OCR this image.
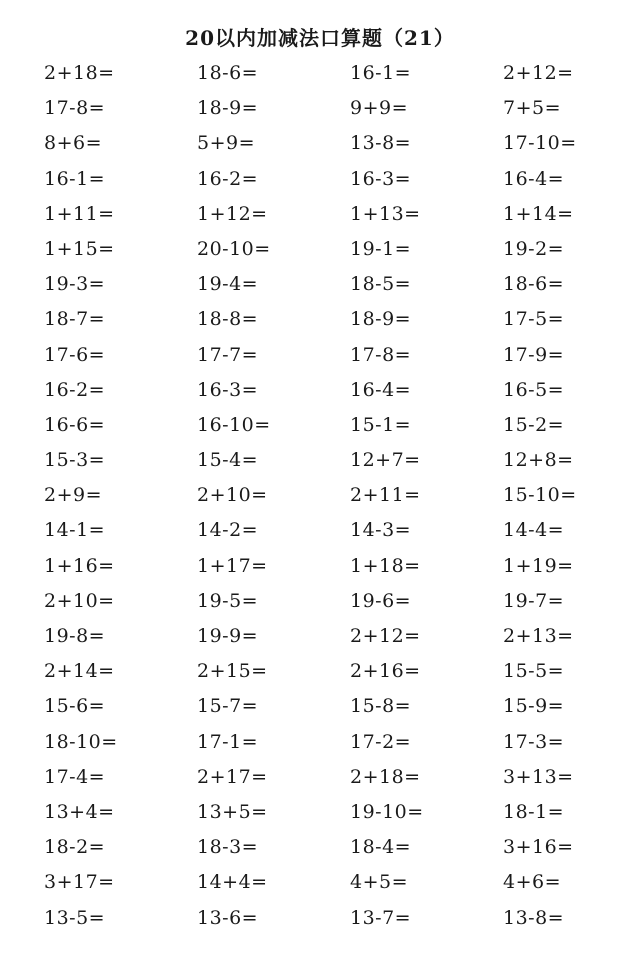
20以内加减法口算题（21）
2+18=	18-6=	16-1=	2+12=
17-8=	18-9=	9+9=	7+5=
8+6=	5+9=	13-8=	17-10=
16-1=	16-2=	16-3=	16-4=
1+11=	1+12=	1+13=	1+14=
1+15=	20-10=	19-1=	19-2=
19-3=	19-4=	18-5=	18-6=
18-7=	18-8=	18-9=	17-5=
17-6=	17-7=	17-8=	17-9=
16-2=	16-3=	16-4=	16-5=
16-6=	16-10=	15-1=	15-2=
15-3=	15-4=	12+7=	12+8=
2+9=	2+10=	2+11=	15-10=
14-1=	14-2=	14-3=	14-4=
1+16=	1+17=	1+18=	1+19=
2+10=	19-5=	19-6=	19-7=
19-8=	19-9=	2+12=	2+13=
2+14=	2+15=	2+16=	15-5=
15-6=	15-7=	15-8=	15-9=
18-10=	17-1=	17-2=	17-3=
17-4=	2+17=	2+18=	3+13=
13+4=	13+5=	19-10=	18-1=
18-2=	18-3=	18-4=	3+16=
3+17=	14+4=	4+5=	4+6=
13-5=	13-6=	13-7=	13-8=
